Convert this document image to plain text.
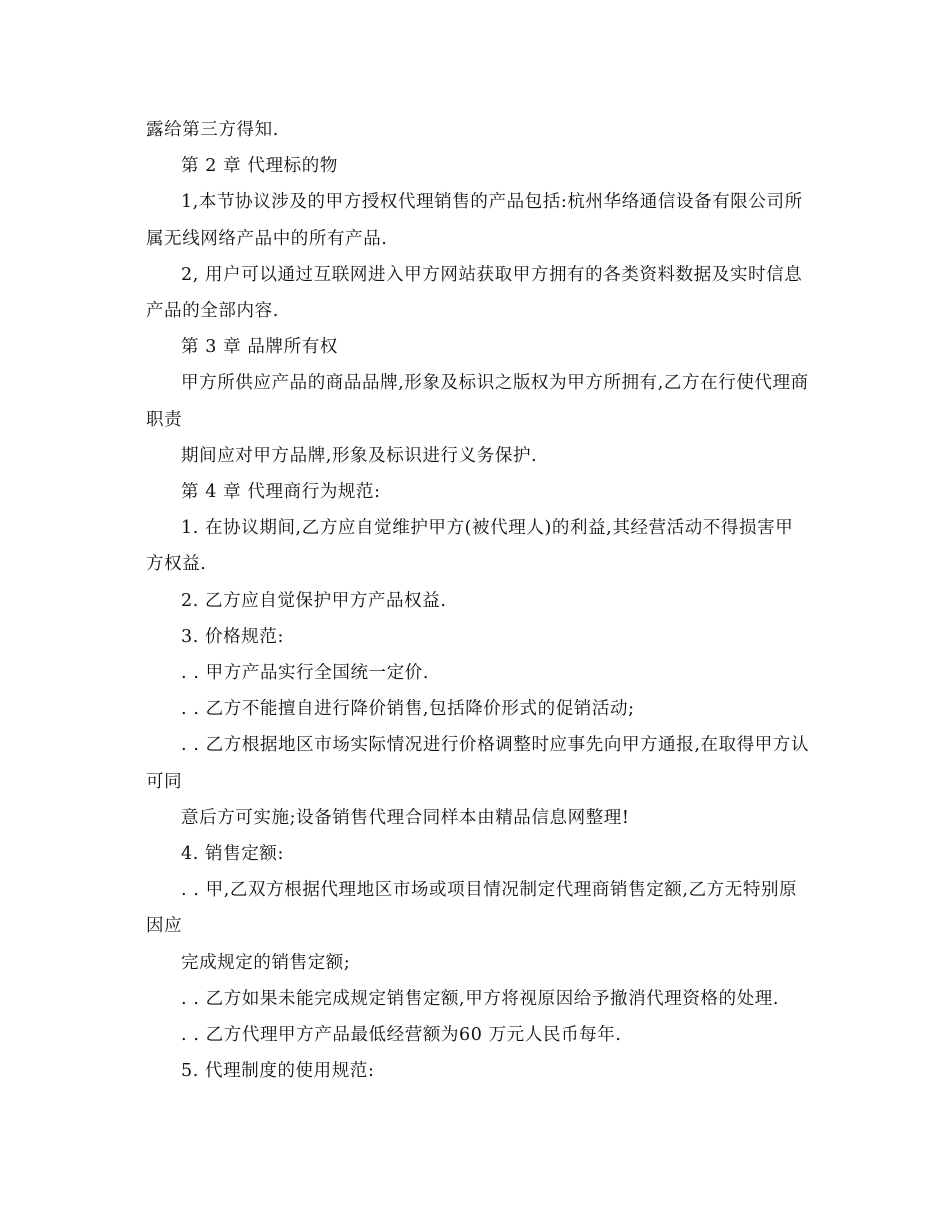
露给第三方得知.

第 2 章 代理标的物

1,本节协议涉及的甲方授权代理销售的产品包括:杭州华络通信设备有限公司所属无线网络产品中的所有产品.

2, 用户可以通过互联网进入甲方网站获取甲方拥有的各类资料数据及实时信息产品的全部内容.

第 3 章 品牌所有权

甲方所供应产品的商品品牌,形象及标识之版权为甲方所拥有,乙方在行使代理商职责

期间应对甲方品牌,形象及标识进行义务保护.

第 4 章 代理商行为规范:

1. 在协议期间,乙方应自觉维护甲方(被代理人)的利益,其经营活动不得损害甲方权益.

2. 乙方应自觉保护甲方产品权益.

3. 价格规范:

. . 甲方产品实行全国统一定价.

. . 乙方不能擅自进行降价销售,包括降价形式的促销活动;

. . 乙方根据地区市场实际情况进行价格调整时应事先向甲方通报,在取得甲方认可同

意后方可实施;设备销售代理合同样本由精品信息网整理!

4. 销售定额:

. . 甲,乙双方根据代理地区市场或项目情况制定代理商销售定额,乙方无特别原因应

完成规定的销售定额;

. . 乙方如果未能完成规定销售定额,甲方将视原因给予撤消代理资格的处理.

. . 乙方代理甲方产品最低经营额为60 万元人民币每年.

5. 代理制度的使用规范:
